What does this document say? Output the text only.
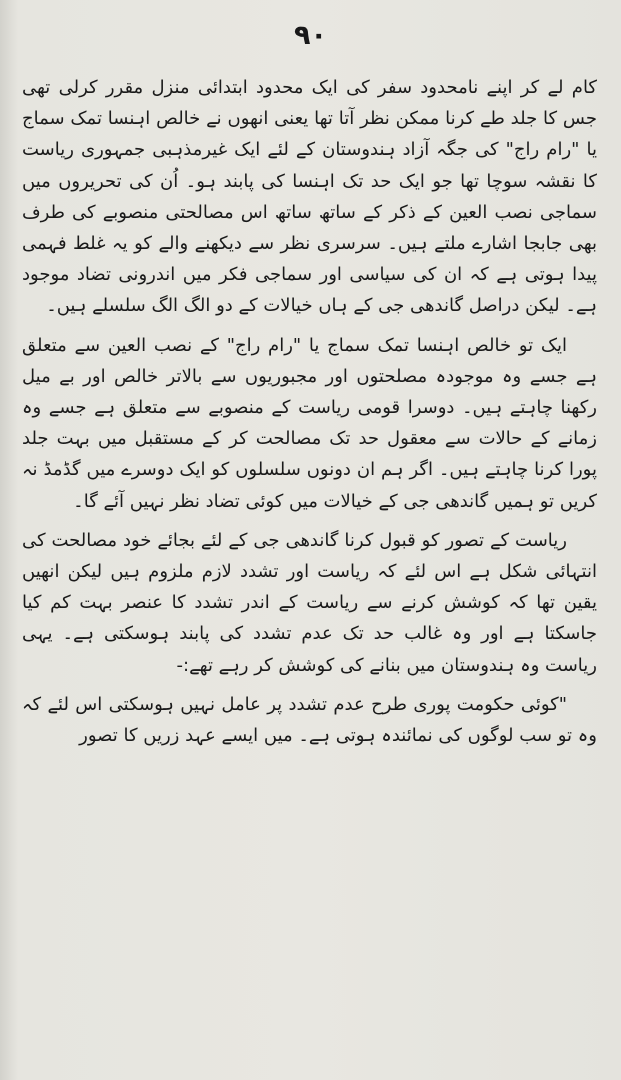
۹۰

کام لے کر اپنے نامحدود سفر کی ایک محدود ابتدائی منزل مقرر کرلی تھی جس کا جلد طے کرنا ممکن نظر آتا تھا یعنی انھوں نے خالص اہنسا تمک سماج یا "رام راج" کی جگہ آزاد ہندوستان کے لئے ایک غیرمذہبی جمہوری ریاست کا نقشہ سوچا تھا جو ایک حد تک اہنسا کی پابند ہو۔ اُن کی تحریروں میں سماجی نصب العین کے ذکر کے ساتھ ساتھ اس مصالحتی منصوبے کی طرف بھی جابجا اشارے ملتے ہیں۔ سرسری نظر سے دیکھنے والے کو یہ غلط فہمی پیدا ہوتی ہے کہ ان کی سیاسی اور سماجی فکر میں اندرونی تضاد موجود ہے۔ لیکن دراصل گاندھی جی کے ہاں خیالات کے دو الگ الگ سلسلے ہیں۔

ایک تو خالص اہنسا تمک سماج یا "رام راج" کے نصب العین سے متعلق ہے جسے وہ موجودہ مصلحتوں اور مجبوریوں سے بالاتر خالص اور بے میل رکھنا چاہتے ہیں۔ دوسرا قومی ریاست کے منصوبے سے متعلق ہے جسے وہ زمانے کے حالات سے معقول حد تک مصالحت کر کے مستقبل میں بہت جلد پورا کرنا چاہتے ہیں۔ اگر ہم ان دونوں سلسلوں کو ایک دوسرے میں گڈمڈ نہ کریں تو ہمیں گاندھی جی کے خیالات میں کوئی تضاد نظر نہیں آئے گا۔

ریاست کے تصور کو قبول کرنا گاندھی جی کے لئے بجائے خود مصالحت کی انتہائی شکل ہے اس لئے کہ ریاست اور تشدد لازم ملزوم ہیں لیکن انھیں یقین تھا کہ کوشش کرنے سے ریاست کے اندر تشدد کا عنصر بہت کم کیا جاسکتا ہے اور وہ غالب حد تک عدم تشدد کی پابند ہوسکتی ہے۔ یہی ریاست وہ ہندوستان میں بنانے کی کوشش کر رہے تھے:-

"کوئی حکومت پوری طرح عدم تشدد پر عامل نہیں ہوسکتی اس لئے کہ وہ تو سب لوگوں کی نمائندہ ہوتی ہے۔ میں ایسے عہد زریں کا تصور
